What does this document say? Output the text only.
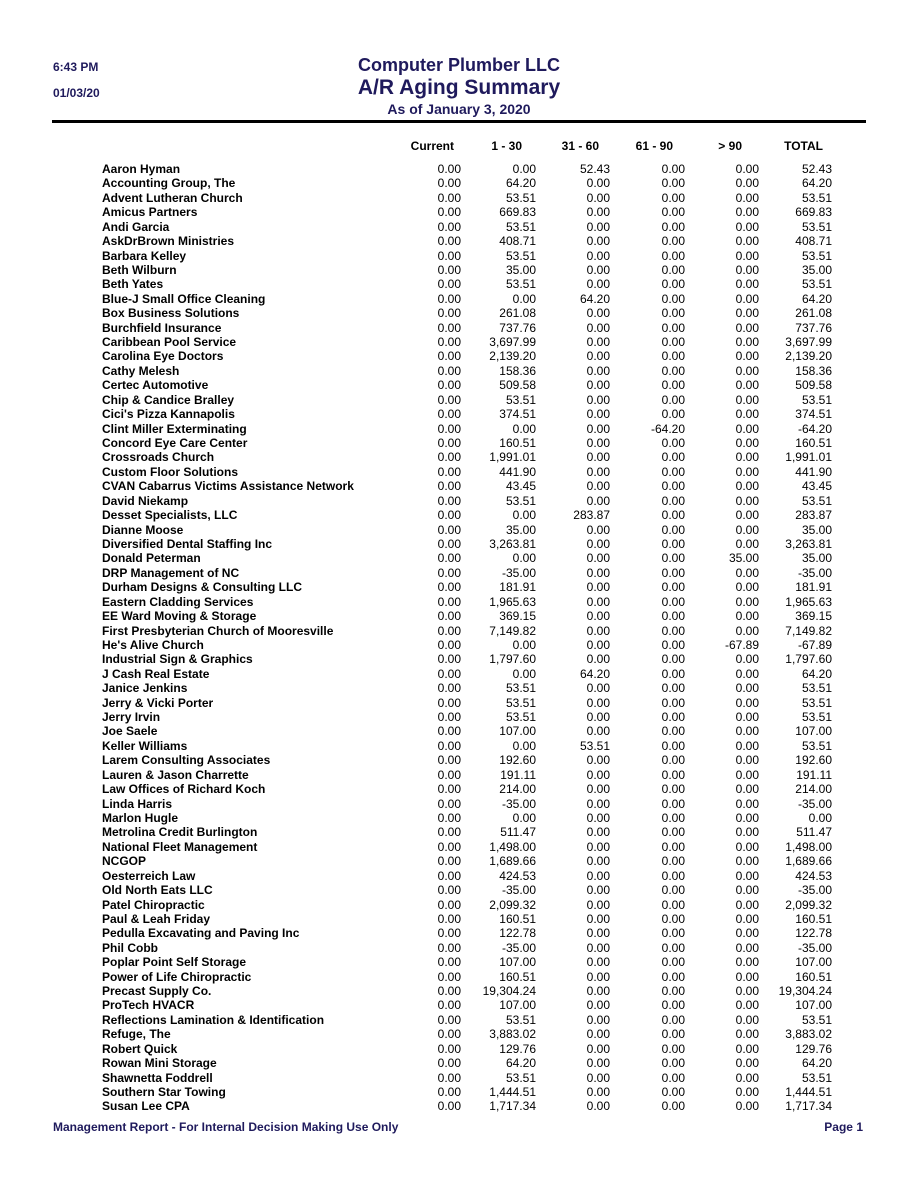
6:43 PM
01/03/20
Computer Plumber LLC
A/R Aging Summary
As of January 3, 2020
Current	1 - 30	31 - 60	61 - 90	> 90	TOTAL
Aaron Hyman	0.00	0.00	52.43	0.00	0.00	52.43
Accounting Group, The	0.00	64.20	0.00	0.00	0.00	64.20
Advent Lutheran Church	0.00	53.51	0.00	0.00	0.00	53.51
Amicus Partners	0.00	669.83	0.00	0.00	0.00	669.83
Andi Garcia	0.00	53.51	0.00	0.00	0.00	53.51
AskDrBrown Ministries	0.00	408.71	0.00	0.00	0.00	408.71
Barbara Kelley	0.00	53.51	0.00	0.00	0.00	53.51
Beth Wilburn	0.00	35.00	0.00	0.00	0.00	35.00
Beth Yates	0.00	53.51	0.00	0.00	0.00	53.51
Blue-J Small Office Cleaning	0.00	0.00	64.20	0.00	0.00	64.20
Box Business Solutions	0.00	261.08	0.00	0.00	0.00	261.08
Burchfield Insurance	0.00	737.76	0.00	0.00	0.00	737.76
Caribbean Pool Service	0.00 3,697.99	0.00	0.00	0.00 3,697.99
Carolina Eye Doctors	0.00 2,139.20	0.00	0.00	0.00 2,139.20
Cathy Melesh	0.00	158.36	0.00	0.00	0.00	158.36
Certec Automotive	0.00	509.58	0.00	0.00	0.00	509.58
Chip & Candice Bralley	0.00	53.51	0.00	0.00	0.00	53.51
Cici's Pizza Kannapolis	0.00	374.51	0.00	0.00	0.00	374.51
Clint Miller Exterminating	0.00	0.00	0.00	-64.20	0.00	-64.20
Concord Eye Care Center	0.00	160.51	0.00	0.00	0.00	160.51
Crossroads Church	0.00 1,991.01	0.00	0.00	0.00 1,991.01
Custom Floor Solutions	0.00	441.90	0.00	0.00	0.00	441.90
CVAN Cabarrus Victims Assistance Network	0.00	43.45	0.00	0.00	0.00	43.45
David Niekamp	0.00	53.51	0.00	0.00	0.00	53.51
Desset Specialists, LLC	0.00	0.00	283.87	0.00	0.00	283.87
Dianne Moose	0.00	35.00	0.00	0.00	0.00	35.00
Diversified Dental Staffing Inc	0.00 3,263.81	0.00	0.00	0.00 3,263.81
Donald Peterman	0.00	0.00	0.00	0.00	35.00	35.00
DRP Management of NC	0.00	-35.00	0.00	0.00	0.00	-35.00
Durham Designs & Consulting LLC	0.00	181.91	0.00	0.00	0.00	181.91
Eastern Cladding Services	0.00 1,965.63	0.00	0.00	0.00 1,965.63
EE Ward Moving & Storage	0.00	369.15	0.00	0.00	0.00	369.15
First Presbyterian Church of Mooresville	0.00 7,149.82	0.00	0.00	0.00 7,149.82
He's Alive Church	0.00	0.00	0.00	0.00	-67.89	-67.89
Industrial Sign & Graphics	0.00 1,797.60	0.00	0.00	0.00 1,797.60
J Cash Real Estate	0.00	0.00	64.20	0.00	0.00	64.20
Janice Jenkins	0.00	53.51	0.00	0.00	0.00	53.51
Jerry & Vicki Porter	0.00	53.51	0.00	0.00	0.00	53.51
Jerry Irvin	0.00	53.51	0.00	0.00	0.00	53.51
Joe Saele	0.00	107.00	0.00	0.00	0.00	107.00
Keller Williams	0.00	0.00	53.51	0.00	0.00	53.51
Larem Consulting Associates	0.00	192.60	0.00	0.00	0.00	192.60
Lauren & Jason Charrette	0.00	191.11	0.00	0.00	0.00	191.11
Law Offices of Richard Koch	0.00	214.00	0.00	0.00	0.00	214.00
Linda Harris	0.00	-35.00	0.00	0.00	0.00	-35.00
Marlon Hugle	0.00	0.00	0.00	0.00	0.00	0.00
Metrolina Credit Burlington	0.00	511.47	0.00	0.00	0.00	511.47
National Fleet Management	0.00 1,498.00	0.00	0.00	0.00 1,498.00
NCGOP	0.00 1,689.66	0.00	0.00	0.00 1,689.66
Oesterreich Law	0.00	424.53	0.00	0.00	0.00	424.53
Old North Eats LLC	0.00	-35.00	0.00	0.00	0.00	-35.00
Patel Chiropractic	0.00 2,099.32	0.00	0.00	0.00 2,099.32
Paul & Leah Friday	0.00	160.51	0.00	0.00	0.00	160.51
Pedulla Excavating and Paving Inc	0.00	122.78	0.00	0.00	0.00	122.78
Phil Cobb	0.00	-35.00	0.00	0.00	0.00	-35.00
Poplar Point Self Storage	0.00	107.00	0.00	0.00	0.00	107.00
Power of Life Chiropractic	0.00	160.51	0.00	0.00	0.00	160.51
Precast Supply Co.	0.00 19,304.24	0.00	0.00	0.00 19,304.24
ProTech HVACR	0.00	107.00	0.00	0.00	0.00	107.00
Reflections Lamination & Identification	0.00	53.51	0.00	0.00	0.00	53.51
Refuge, The	0.00 3,883.02	0.00	0.00	0.00 3,883.02
Robert Quick	0.00	129.76	0.00	0.00	0.00	129.76
Rowan Mini Storage	0.00	64.20	0.00	0.00	0.00	64.20
Shawnetta Foddrell	0.00	53.51	0.00	0.00	0.00	53.51
Southern Star Towing	0.00 1,444.51	0.00	0.00	0.00 1,444.51
Susan Lee CPA	0.00 1,717.34	0.00	0.00	0.00 1,717.34
Management Report - For Internal Decision Making Use Only	Page 1
